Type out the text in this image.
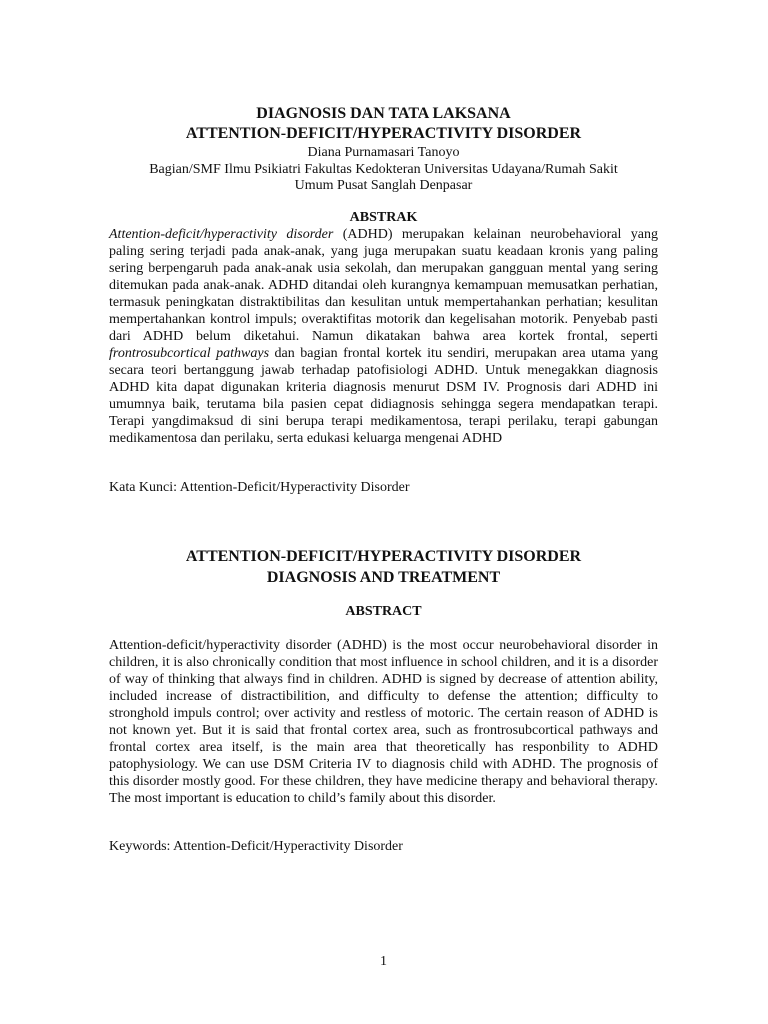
DIAGNOSIS DAN TATA LAKSANA
ATTENTION-DEFICIT/HYPERACTIVITY DISORDER
Diana Purnamasari Tanoyo
Bagian/SMF Ilmu Psikiatri Fakultas Kedokteran Universitas Udayana/Rumah Sakit
Umum Pusat Sanglah Denpasar
ABSTRAK
Attention-deficit/hyperactivity disorder (ADHD) merupakan kelainan neurobehavioral yang paling sering terjadi pada anak-anak, yang juga merupakan suatu keadaan kronis yang paling sering berpengaruh pada anak-anak usia sekolah, dan merupakan gangguan mental yang sering ditemukan pada anak-anak. ADHD ditandai oleh kurangnya kemampuan memusatkan perhatian, termasuk peningkatan distraktibilitas dan kesulitan untuk mempertahankan perhatian; kesulitan mempertahankan kontrol impuls; overaktifitas motorik dan kegelisahan motorik. Penyebab pasti dari ADHD belum diketahui. Namun dikatakan bahwa area kortek frontal, seperti frontrosubcortical pathways dan bagian frontal kortek itu sendiri, merupakan area utama yang secara teori bertanggung jawab terhadap patofisiologi ADHD. Untuk menegakkan diagnosis ADHD kita dapat digunakan kriteria diagnosis menurut DSM IV. Prognosis dari ADHD ini umumnya baik, terutama bila pasien cepat didiagnosis sehingga segera mendapatkan terapi. Terapi yangdimaksud di sini berupa terapi medikamentosa, terapi perilaku, terapi gabungan medikamentosa dan perilaku, serta edukasi keluarga mengenai ADHD
Kata Kunci: Attention-Deficit/Hyperactivity Disorder
ATTENTION-DEFICIT/HYPERACTIVITY DISORDER
DIAGNOSIS AND TREATMENT
ABSTRACT
Attention-deficit/hyperactivity disorder (ADHD) is the most occur neurobehavioral disorder in children, it is also chronically condition that most influence in school children, and it is a disorder of way of thinking that always find in children. ADHD is signed by decrease of attention ability, included increase of distractibilition, and difficulty to defense the attention; difficulty to stronghold impuls control; over activity and restless of motoric. The certain reason of ADHD is not known yet. But it is said that frontal cortex area, such as frontrosubcortical pathways and frontal cortex area itself, is the main area that theoretically has responbility to ADHD patophysiology. We can use DSM Criteria IV to diagnosis child with ADHD. The prognosis of this disorder mostly good. For these children, they have medicine therapy and behavioral therapy. The most important is education to child’s family about this disorder.
Keywords: Attention-Deficit/Hyperactivity Disorder
1
